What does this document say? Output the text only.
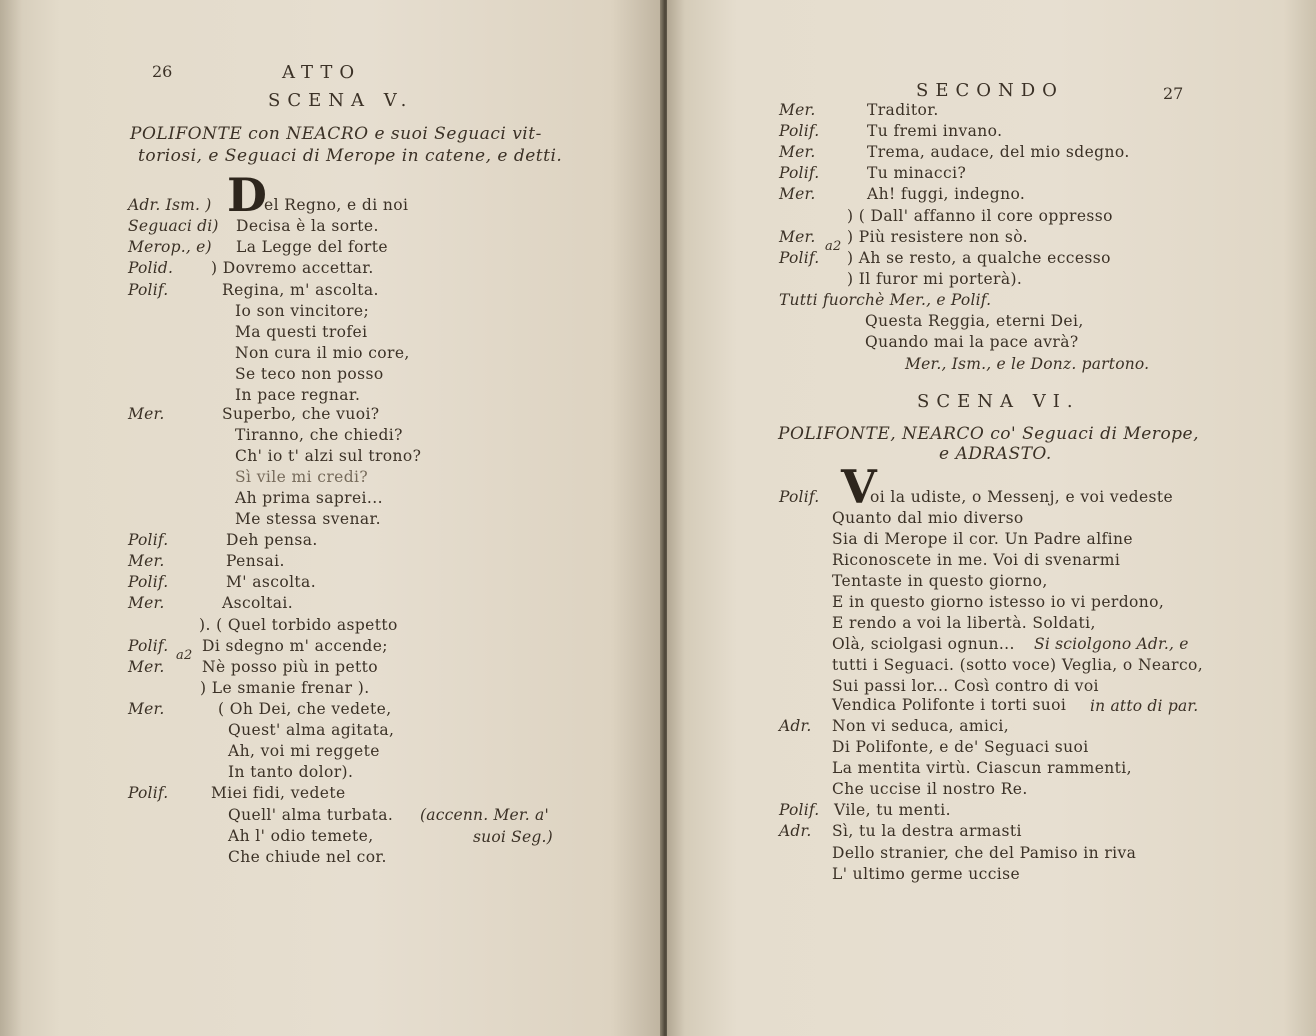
26	ATTO
SCENA V.
POLIFONTE con NEACRO e suoi Seguaci vit-
toriosi, e Seguaci di Merope in catene, e detti.
D
Adr. Ism. )
Seguaci di)
Merop., e)
Polid.
Polif.
Mer.
Polif.
Mer.
Polif.
Mer.
Polif.
Mer.
a2
Mer.
Polif.
el Regno, e di noi
Decisa è la sorte.
La Legge del forte
) Dovremo accettar.
Regina, m' ascolta.
Io son vincitore;
Ma questi trofei
Non cura il mio core,
Se teco non posso
In pace regnar.
Superbo, che vuoi?
Tiranno, che chiedi?
Ch' io t' alzi sul trono?
Sì vile mi credi?
Ah prima saprei...
Me stessa svenar.
Deh pensa.
Pensai.
M' ascolta.
Ascoltai.
). ( Quel torbido aspetto
Di sdegno m' accende;
Nè posso più in petto
) Le smanie frenar ).
( Oh Dei, che vedete,
Quest' alma agitata,
Ah, voi mi reggete
In tanto dolor).
Miei fidi, vedete
Quell' alma turbata.
Ah l' odio temete,
Che chiude nel cor.
(accenn. Mer. a'
suoi Seg.)
SECONDO	27
Mer.
Polif.
Mer.
Polif.
Mer.
Mer.
Polif.
a2
Traditor.
Tu fremi invano.
Trema, audace, del mio sdegno.
Tu minacci?
Ah! fuggi, indegno.
) ( Dall' affanno il core oppresso
) Più resistere non sò.
) Ah se resto, a qualche eccesso
) Il furor mi porterà).
Tutti fuorchè Mer., e Polif.
Questa Reggia, eterni Dei,
Quando mai la pace avrà?
Mer., Ism., e le Donz. partono.
SCENA VI.
POLIFONTE, NEARCO co' Seguaci di Merope,
e ADRASTO.
V
Polif.
Adr.
Polif.
Adr.
oi la udiste, o Messenj, e voi vedeste
Quanto dal mio diverso
Sia di Merope il cor. Un Padre alfine
Riconoscete in me. Voi di svenarmi
Tentaste in questo giorno,
E in questo giorno istesso io vi perdono,
E rendo a voi la libertà. Soldati,
Olà, sciolgasi ognun... Si sciolgono Adr., e
tutti i Seguaci. (sotto voce) Veglia, o Nearco,
Sui passi lor... Così contro di voi
Vendica Polifonte i torti suoi in atto di par.
Non vi seduca, amici,
Di Polifonte, e de' Seguaci suoi
La mentita virtù. Ciascun rammenti,
Che uccise il nostro Re.
Vile, tu menti.
Sì, tu la destra armasti
Dello stranier, che del Pamiso in riva
L' ultimo germe uccise
